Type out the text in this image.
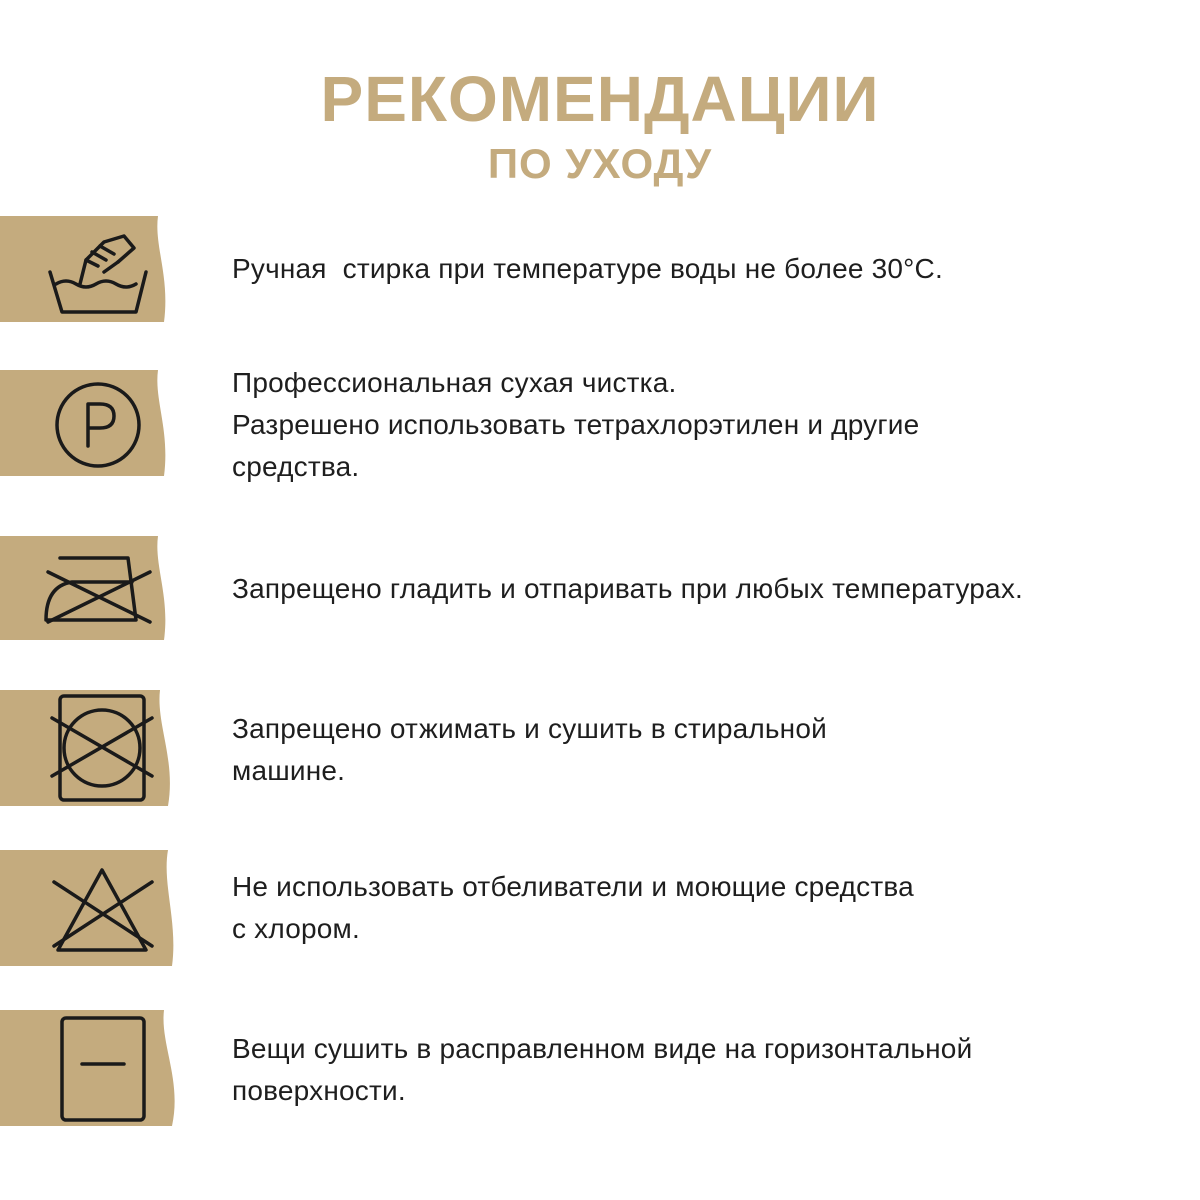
РЕКОМЕНДАЦИИ
ПО УХОДУ
Ручная  стирка при температуре воды не более 30°C.
Профессиональная сухая чистка.
Разрешено использовать тетрахлорэтилен и другие
средства.
Запрещено гладить и отпаривать при любых температурах.
Запрещено отжимать и сушить в стиральной
машине.
Не использовать отбеливатели и моющие средства
с хлором.
Вещи сушить в расправленном виде на горизонтальной
поверхности.
